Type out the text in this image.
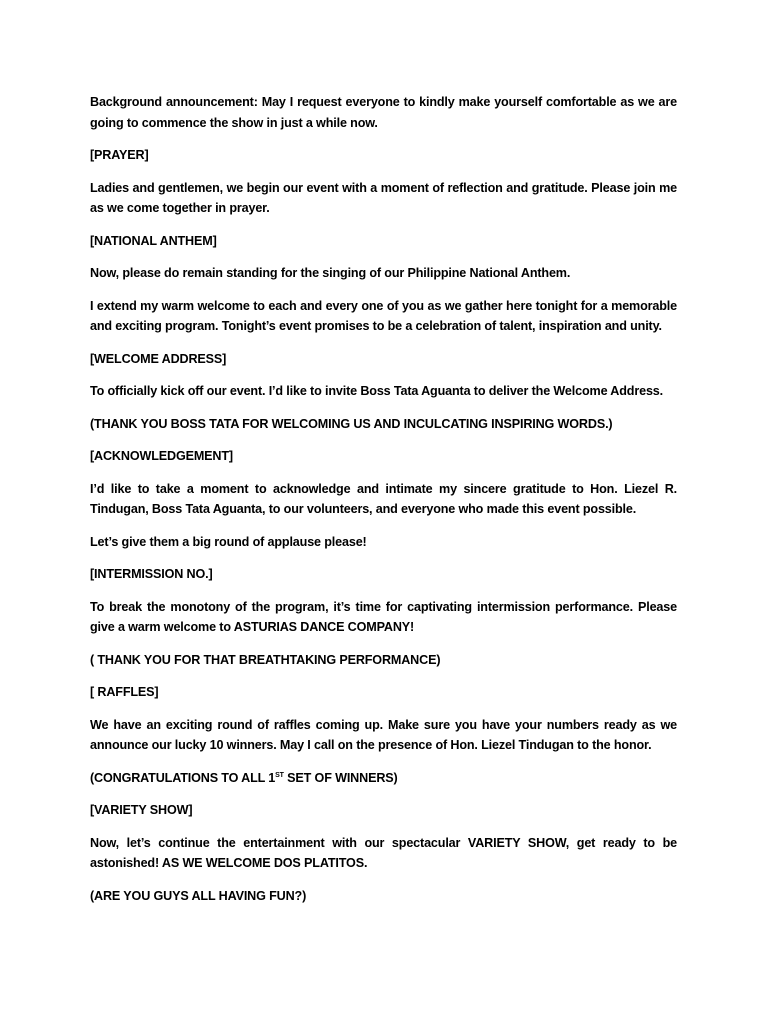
Background announcement: May I request everyone to kindly make yourself comfortable as we are going to commence the show in just a while now.

[PRAYER]

Ladies and gentlemen, we begin our event with a moment of reflection and gratitude. Please join me as we come together in prayer.

[NATIONAL ANTHEM]

Now, please do remain standing for the singing of our Philippine National Anthem.

I extend my warm welcome to each and every one of you as we gather here tonight for a memorable and exciting program. Tonight’s event promises to be a celebration of talent, inspiration and unity.

[WELCOME ADDRESS]

To officially kick off our event. I’d like to invite Boss Tata Aguanta to deliver the Welcome Address.

(THANK YOU BOSS TATA FOR WELCOMING US AND INCULCATING INSPIRING WORDS.)

[ACKNOWLEDGEMENT]

I’d like to take a moment to acknowledge and intimate my sincere gratitude to Hon. Liezel R. Tindugan, Boss Tata Aguanta, to our volunteers, and everyone who made this event possible.

Let’s give them a big round of applause please!

[INTERMISSION NO.]

To break the monotony of the program, it’s time for captivating intermission performance. Please give a warm welcome to ASTURIAS DANCE COMPANY!

( THANK YOU FOR THAT BREATHTAKING PERFORMANCE)

[ RAFFLES]

We have an exciting round of raffles coming up. Make sure you have your numbers ready as we announce our lucky 10 winners. May I call on the presence of Hon. Liezel Tindugan to the honor.

(CONGRATULATIONS TO ALL 1ST SET OF WINNERS)

[VARIETY SHOW]

Now, let’s continue the entertainment with our spectacular VARIETY SHOW, get ready to be astonished! AS WE WELCOME DOS PLATITOS.

(ARE YOU GUYS ALL HAVING FUN?)
